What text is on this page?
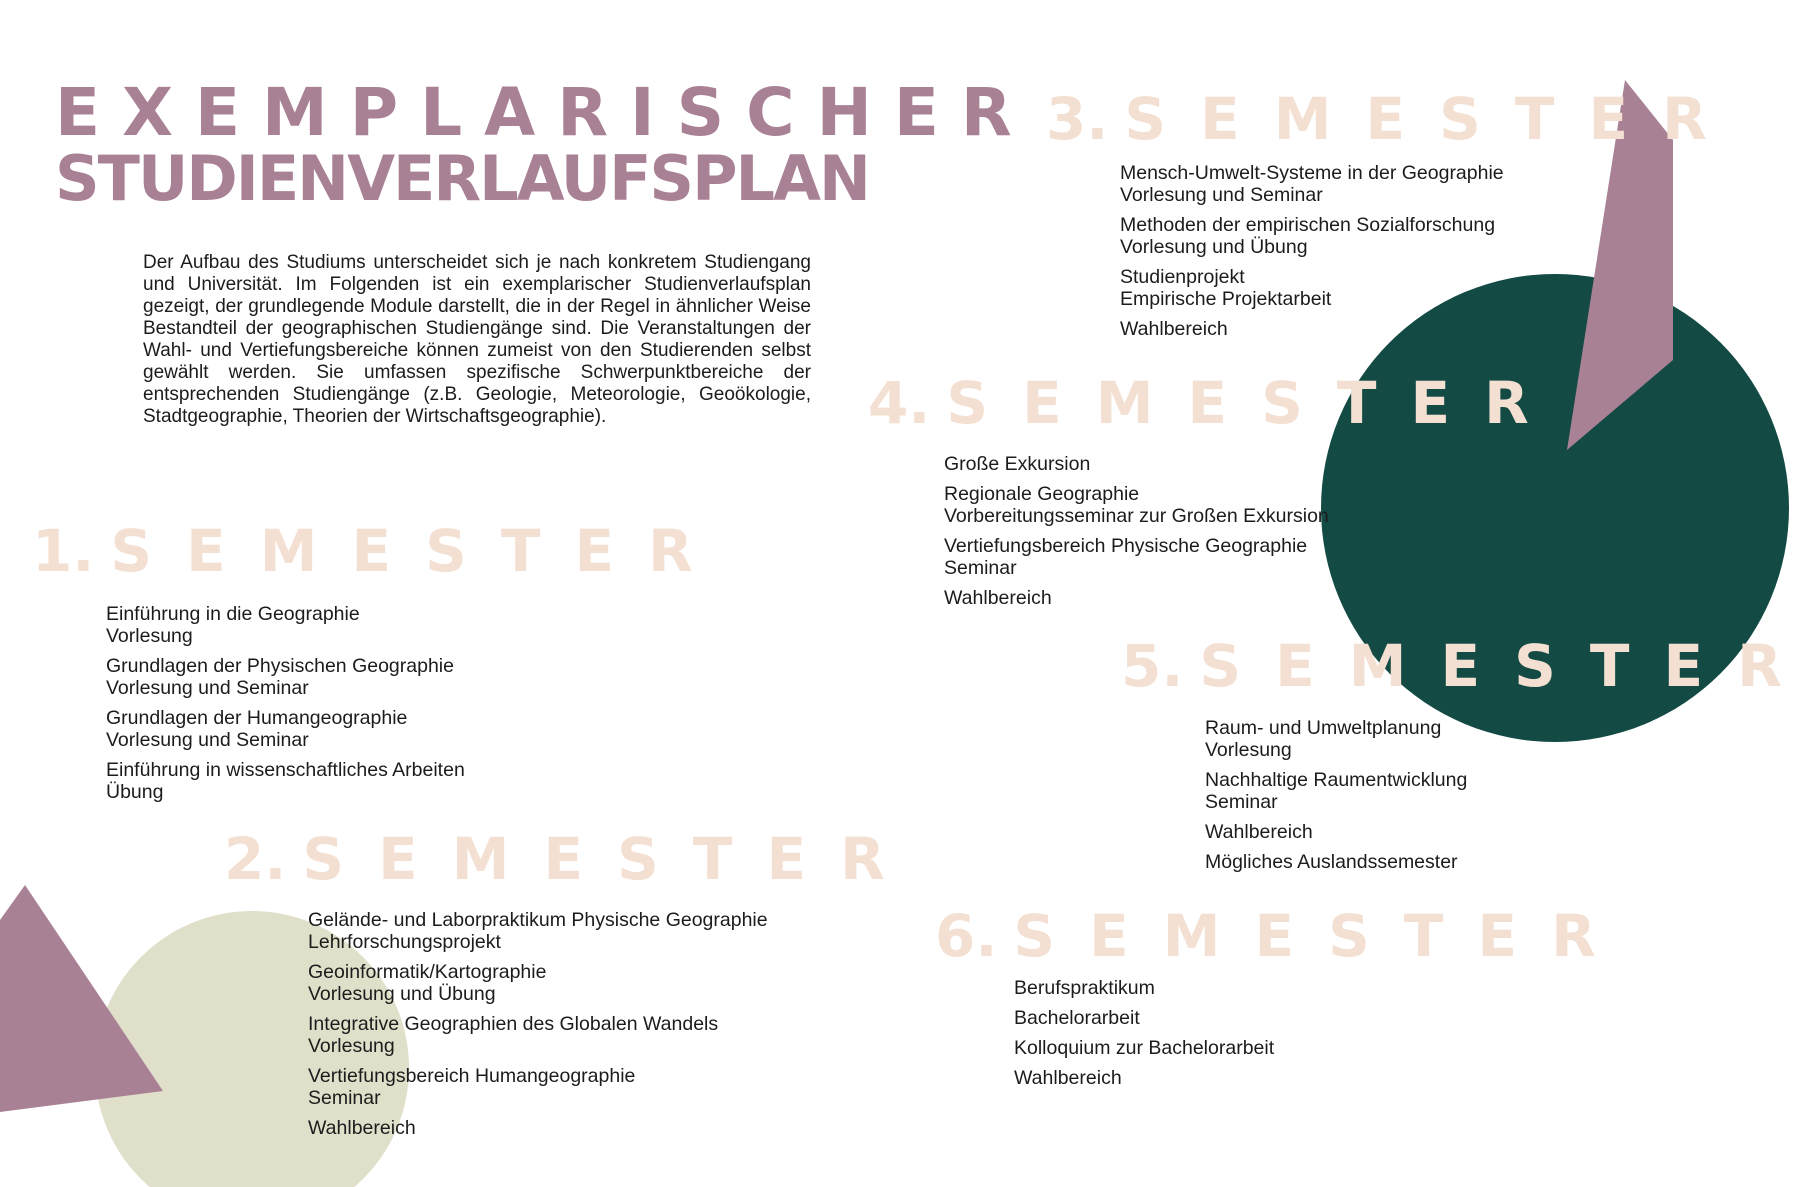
EXEMPLARISCHER
STUDIENVERLAUFSPLAN

Der Aufbau des Studiums unterscheidet sich je nach konkretem Studiengang und Universität. Im Folgenden ist ein exemplarischer Studienverlaufsplan gezeigt, der grundlegende Module darstellt, die in der Regel in ähnlicher Weise Bestandteil der geographischen Studiengänge sind. Die Veranstaltungen der Wahl- und Vertiefungsbereiche können zumeist von den Studierenden selbst gewählt werden. Sie umfassen spezifische Schwerpunktbereiche der entsprechenden Studiengänge (z.B. Geologie, Meteorologie, Geoökologie, Stadtgeographie, Theorien der Wirtschaftsgeographie).

1. SEMESTER
Einführung in die Geographie
Vorlesung
Grundlagen der Physischen Geographie
Vorlesung und Seminar
Grundlagen der Humangeographie
Vorlesung und Seminar
Einführung in wissenschaftliches Arbeiten
Übung
2. SEMESTER
Gelände- und Laborpraktikum Physische Geographie
Lehrforschungsprojekt
Geoinformatik/Kartographie
Vorlesung und Übung
Integrative Geographien des Globalen Wandels
Vorlesung
Vertiefungsbereich Humangeographie
Seminar
Wahlbereich
3. SEMESTER
Mensch-Umwelt-Systeme in der Geographie
Vorlesung und Seminar
Methoden der empirischen Sozialforschung
Vorlesung und Übung
Studienprojekt
Empirische Projektarbeit
Wahlbereich
4. SEMESTER
Große Exkursion
Regionale Geographie
Vorbereitungsseminar zur Großen Exkursion
Vertiefungsbereich Physische Geographie
Seminar
Wahlbereich
5. SEMESTER
Raum- und Umweltplanung
Vorlesung
Nachhaltige Raumentwicklung
Seminar
Wahlbereich
Mögliches Auslandssemester
6. SEMESTER
Berufspraktikum
Bachelorarbeit
Kolloquium zur Bachelorarbeit
Wahlbereich
